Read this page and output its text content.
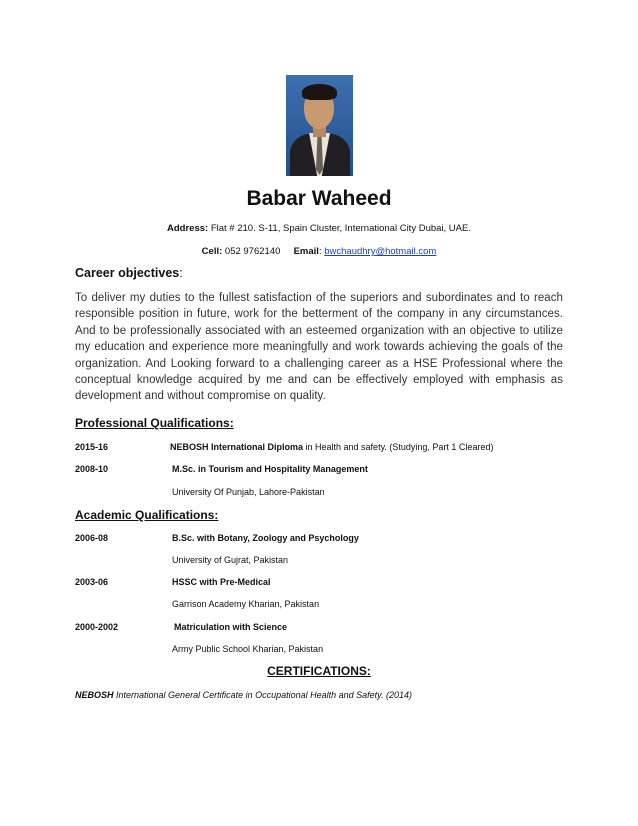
Babar Waheed
Address: Flat # 210. S-11, Spain Cluster, International City Dubai, UAE.
Cell: 052 9762140 Email: bwchaudhry@hotmail.com
Career objectives:
To deliver my duties to the fullest satisfaction of the superiors and subordinates and to reach responsible position in future, work for the betterment of the company in any circumstances. And to be professionally associated with an esteemed organization with an objective to utilize my education and experience more meaningfully and work towards achieving the goals of the organization. And Looking forward to a challenging career as a HSE Professional where the conceptual knowledge acquired by me and can be effectively employed with emphasis as development and without compromise on quality.
Professional Qualifications:
2015-16	NEBOSH International Diploma in Health and safety. (Studying, Part 1 Cleared)
2008-10	M.Sc. in Tourism and Hospitality Management
University Of Punjab, Lahore-Pakistan
Academic Qualifications:
2006-08	B.Sc. with Botany, Zoology and Psychology
University of Gujrat, Pakistan
2003-06	HSSC with Pre-Medical
Garrison Academy Kharian, Pakistan
2000-2002	Matriculation with Science
Army Public School Kharian, Pakistan
CERTIFICATIONS:
NEBOSH International General Certificate in Occupational Health and Safety. (2014)
